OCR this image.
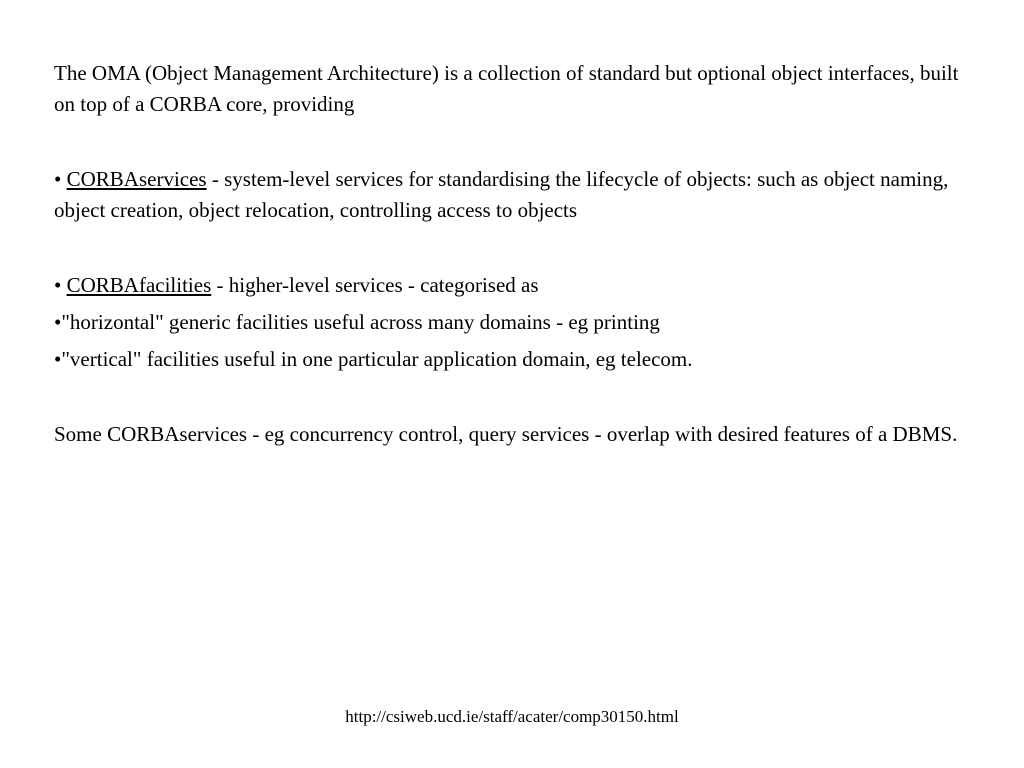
The OMA (Object Management Architecture) is a collection of standard but optional object interfaces, built on top of a CORBA core, providing

• CORBAservices - system-level services for standardising the lifecycle of objects: such as object naming, object creation, object relocation, controlling access to objects

• CORBAfacilities - higher-level services - categorised as

•"horizontal" generic facilities useful across many domains - eg printing

•"vertical" facilities useful in one particular application domain, eg telecom.

Some CORBAservices - eg concurrency control, query services - overlap with desired features of a DBMS.

http://csiweb.ucd.ie/staff/acater/comp30150.html
